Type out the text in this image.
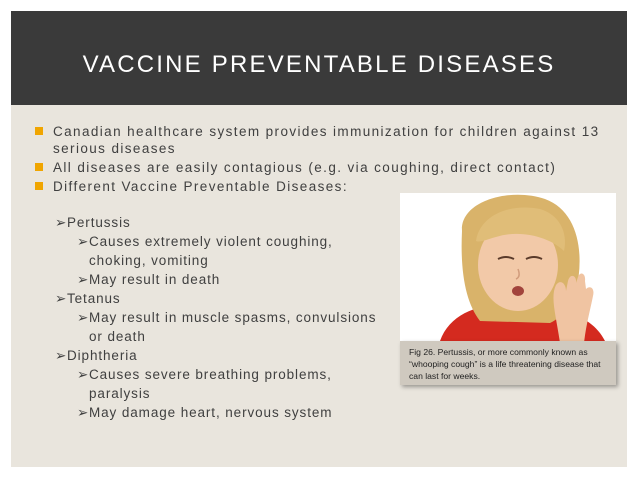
VACCINE PREVENTABLE DISEASES
Canadian healthcare system provides immunization for children against 13 serious diseases
All diseases are easily contagious (e.g. via coughing, direct contact)
Different Vaccine Preventable Diseases:
➢Pertussis
➢Causes extremely violent coughing,
choking, vomiting
➢May result in death
➢Tetanus
➢May result in muscle spasms, convulsions
or death
➢Diphtheria
➢Causes severe breathing problems,
paralysis
➢May damage heart, nervous system
Fig 26. Pertussis, or more commonly known as “whooping cough” is a life threatening disease that can last for weeks.
